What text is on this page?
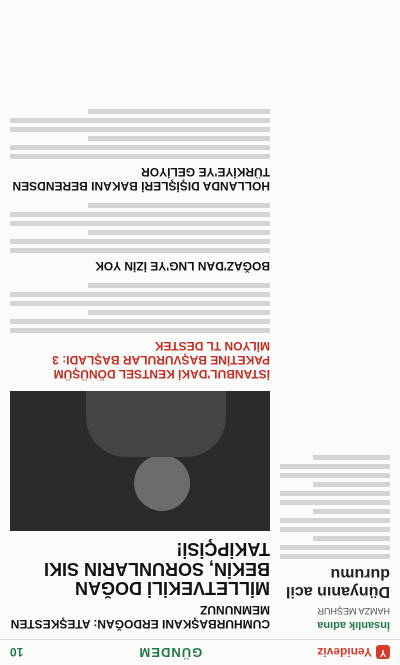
Y
Yenideviz
GÜNDEM
10
İnsanlık adına
HAMZA MEŞHUR
Dünyanın acil durumu
CUMHURBAŞKANI ERDOĞAN: ATEŞKESTEN MEMNUNUZ
MİLLETVEKİLİ DOĞAN BEKİN, SORUNLARIN SIKI TAKİPÇİSİ!
İSTANBUL'DAKİ KENTSEL DÖNÜŞÜM PAKETİNE BAŞVURULAR BAŞLADI: 3 MİLYON TL DESTEK
BOĞAZ'DAN LNG'YE İZİN YOK
HOLLANDA DIŞİŞLERİ BAKANI BERENDSEN TÜRKİYE'YE GELİYOR
